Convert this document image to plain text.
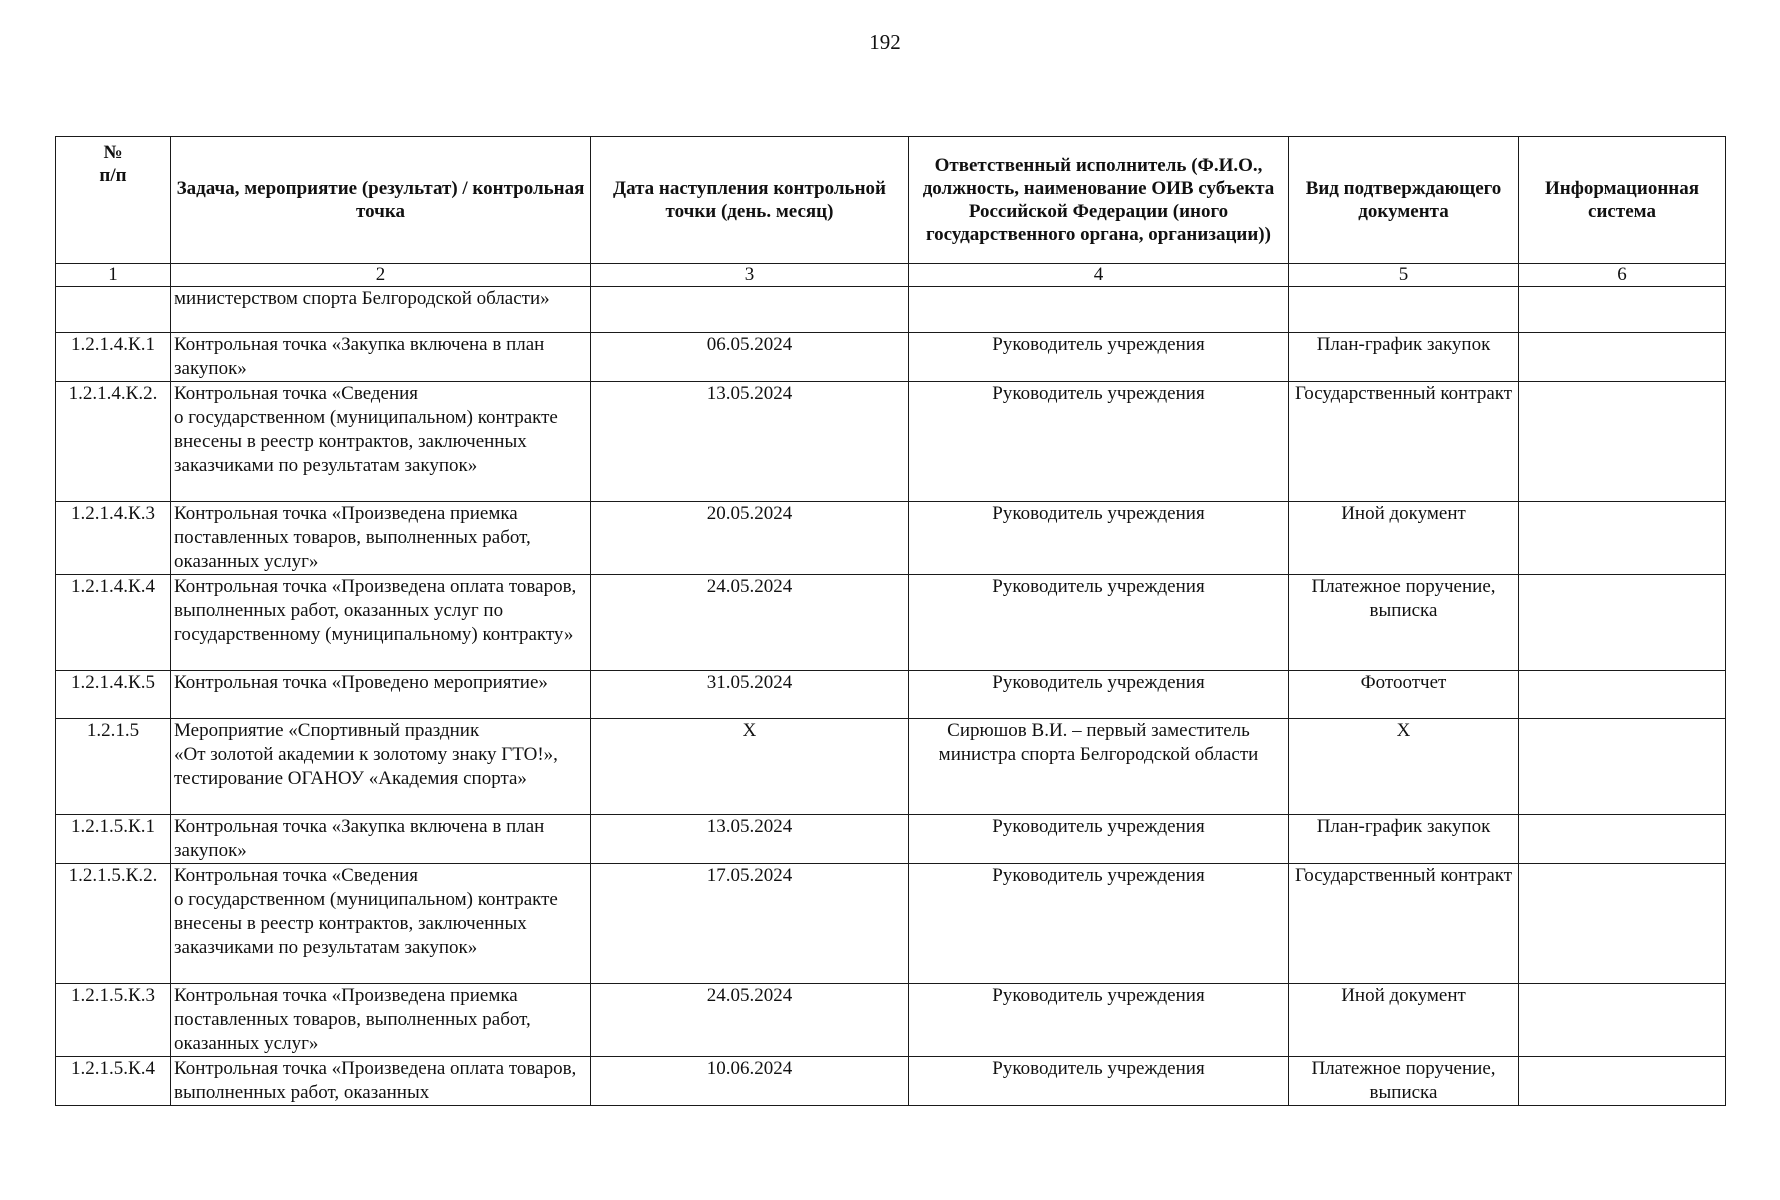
192
№
п/п	Задача, мероприятие (результат) / контрольная точка	Дата наступления контрольной точки (день. месяц)	Ответственный исполнитель (Ф.И.О., должность, наименование ОИВ субъекта Российской Федерации (иного государственного органа, организации))	Вид подтверждающего документа	Информационная система
1	2	3	4	5	6
	министерством спорта Белгородской области»				
1.2.1.4.К.1	Контрольная точка «Закупка включена в план закупок»	06.05.2024	Руководитель учреждения	План-график закупок	
1.2.1.4.К.2.	Контрольная точка «Сведения
о государственном (муниципальном) контракте внесены в реестр контрактов, заключенных заказчиками по результатам закупок»	13.05.2024	Руководитель учреждения	Государственный контракт	
1.2.1.4.К.3	Контрольная точка «Произведена приемка поставленных товаров, выполненных работ, оказанных услуг»	20.05.2024	Руководитель учреждения	Иной документ	
1.2.1.4.К.4	Контрольная точка «Произведена оплата товаров, выполненных работ, оказанных услуг по государственному (муниципальному) контракту»	24.05.2024	Руководитель учреждения	Платежное поручение, выписка	
1.2.1.4.К.5	Контрольная точка «Проведено мероприятие»	31.05.2024	Руководитель учреждения	Фотоотчет	
1.2.1.5	Мероприятие «Спортивный праздник
«От золотой академии к золотому знаку ГТО!», тестирование ОГАНОУ «Академия спорта»	Х	Сирюшов В.И. – первый заместитель министра спорта Белгородской области	Х	
1.2.1.5.К.1	Контрольная точка «Закупка включена в план закупок»	13.05.2024	Руководитель учреждения	План-график закупок	
1.2.1.5.К.2.	Контрольная точка «Сведения
о государственном (муниципальном) контракте внесены в реестр контрактов, заключенных заказчиками по результатам закупок»	17.05.2024	Руководитель учреждения	Государственный контракт	
1.2.1.5.К.3	Контрольная точка «Произведена приемка поставленных товаров, выполненных работ, оказанных услуг»	24.05.2024	Руководитель учреждения	Иной документ	
1.2.1.5.К.4	Контрольная точка «Произведена оплата товаров, выполненных работ, оказанных	10.06.2024	Руководитель учреждения	Платежное поручение, выписка	
